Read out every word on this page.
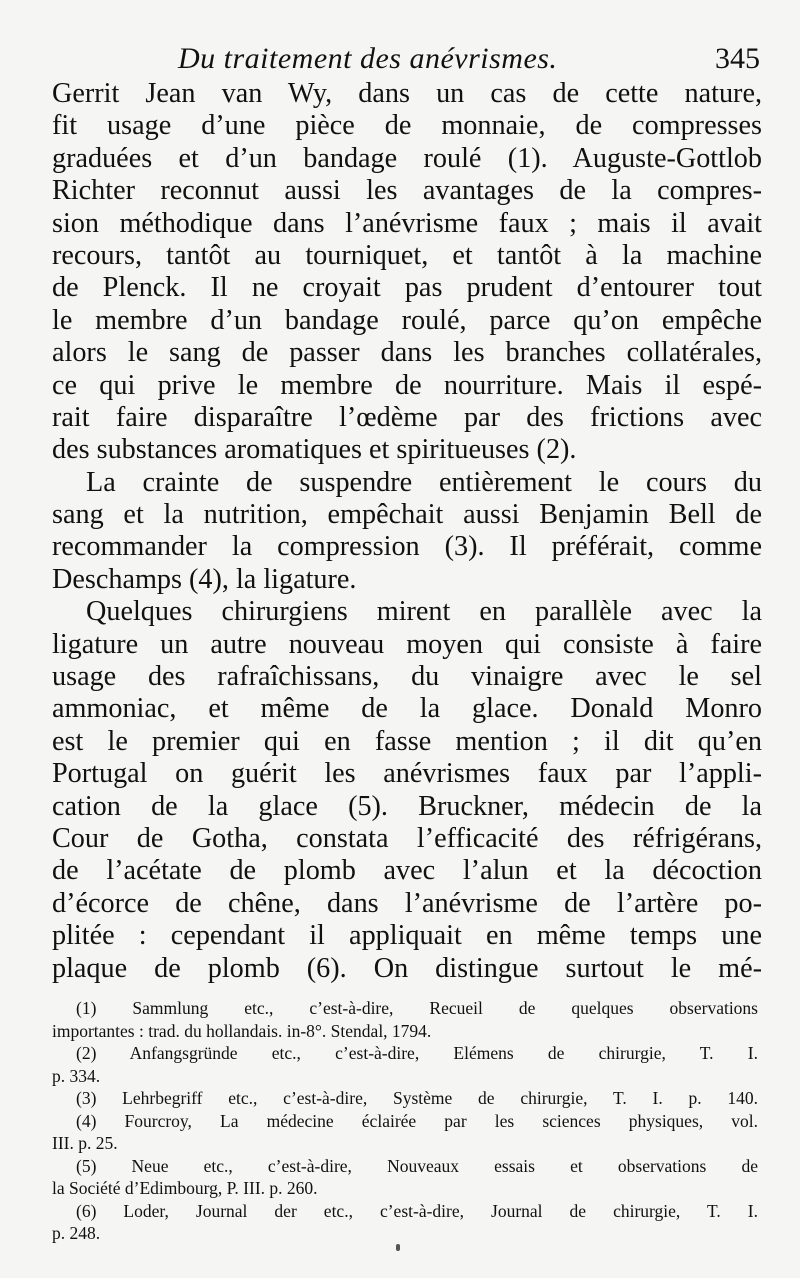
Du traitement des anévrismes.	345
Gerrit Jean van Wy, dans un cas de cette nature,
fit usage d’une pièce de monnaie, de compresses
graduées et d’un bandage roulé (1). Auguste-Gottlob
Richter reconnut aussi les avantages de la compres-
sion méthodique dans l’anévrisme faux ; mais il avait
recours, tantôt au tourniquet, et tantôt à la machine
de Plenck. Il ne croyait pas prudent d’entourer tout
le membre d’un bandage roulé, parce qu’on empêche
alors le sang de passer dans les branches collatérales,
ce qui prive le membre de nourriture. Mais il espé-
rait faire disparaître l’œdème par des frictions avec
des substances aromatiques et spiritueuses (2).
La crainte de suspendre entièrement le cours du
sang et la nutrition, empêchait aussi Benjamin Bell de
recommander la compression (3). Il préférait, comme
Deschamps (4), la ligature.
Quelques chirurgiens mirent en parallèle avec la
ligature un autre nouveau moyen qui consiste à faire
usage des rafraîchissans, du vinaigre avec le sel
ammoniac, et même de la glace. Donald Monro
est le premier qui en fasse mention ; il dit qu’en
Portugal on guérit les anévrismes faux par l’appli-
cation de la glace (5). Bruckner, médecin de la
Cour de Gotha, constata l’efficacité des réfrigérans,
de l’acétate de plomb avec l’alun et la décoction
d’écorce de chêne, dans l’anévrisme de l’artère po-
plitée : cependant il appliquait en même temps une
plaque de plomb (6). On distingue surtout le mé-
(1) Sammlung etc., c’est-à-dire, Recueil de quelques observations
importantes : trad. du hollandais. in-8°. Stendal, 1794.
(2) Anfangsgründe etc., c’est-à-dire, Elémens de chirurgie, T. I.
p. 334.
(3) Lehrbegriff etc., c’est-à-dire, Système de chirurgie, T. I. p. 140.
(4) Fourcroy, La médecine éclairée par les sciences physiques, vol.
III. p. 25.
(5) Neue etc., c’est-à-dire, Nouveaux essais et observations de
la Société d’Edimbourg, P. III. p. 260.
(6) Loder, Journal der etc., c’est-à-dire, Journal de chirurgie, T. I.
p. 248.
